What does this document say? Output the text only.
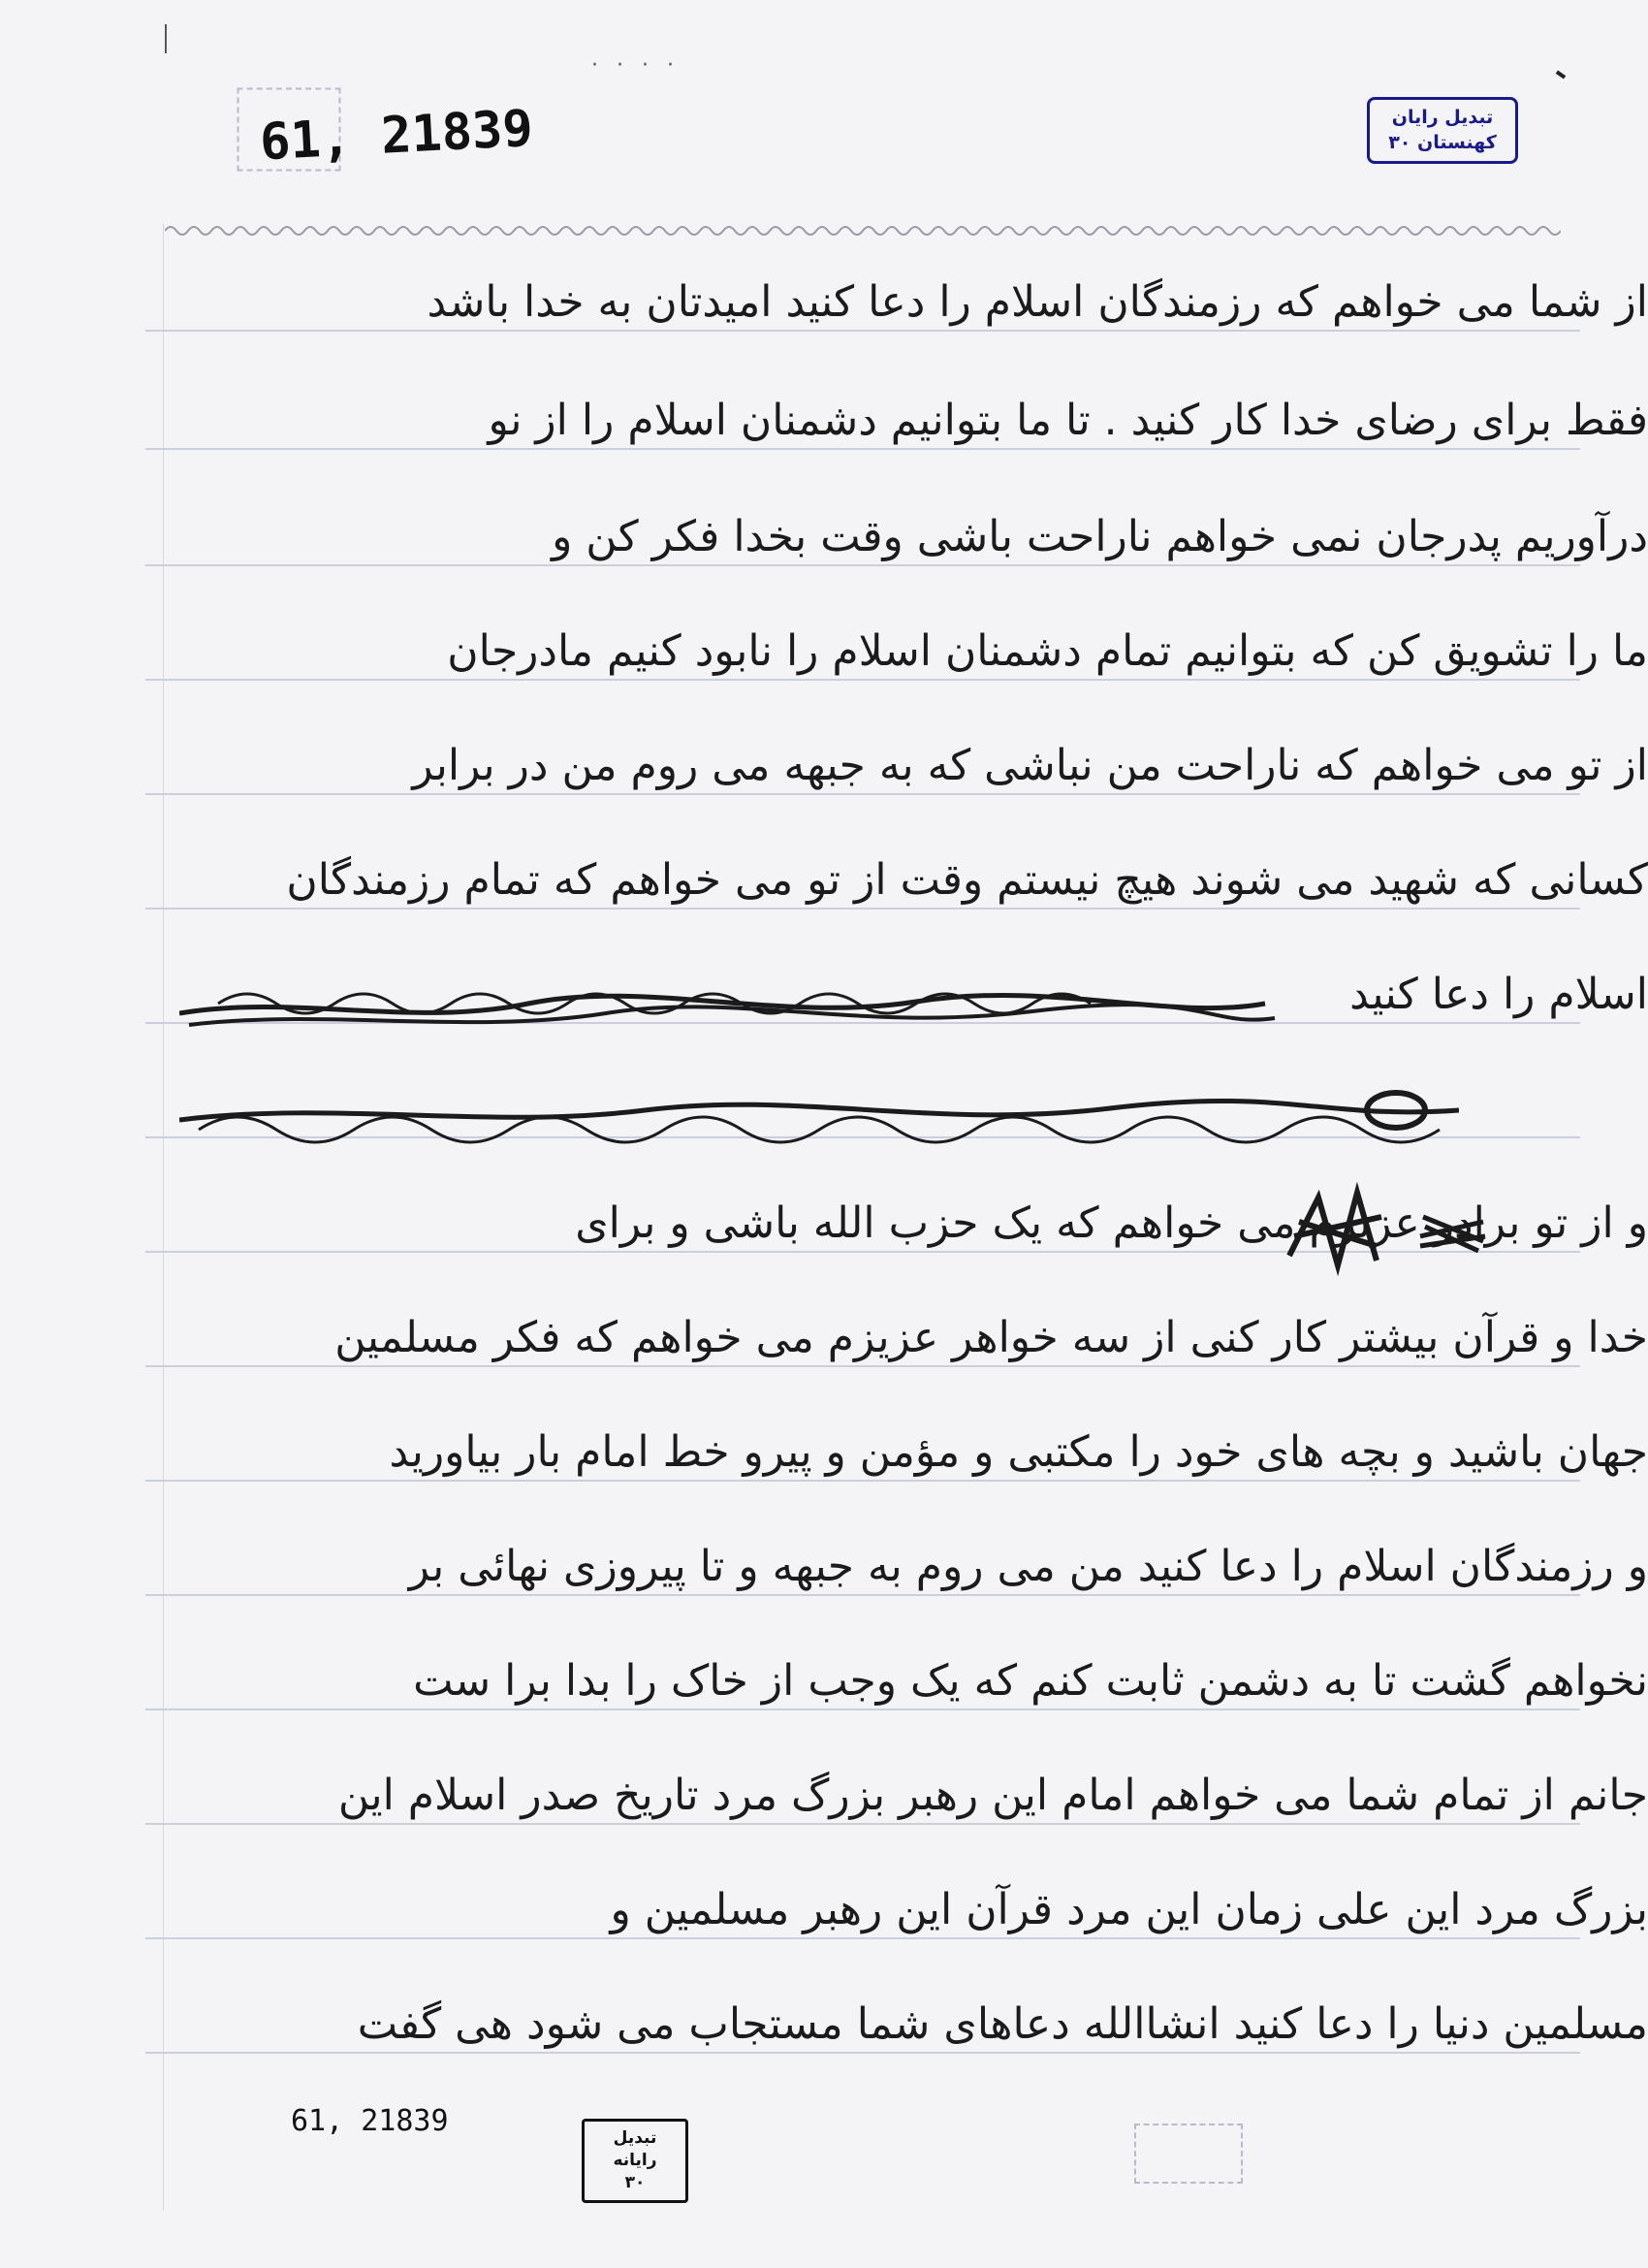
· · · ·
61, 21839	تبدیل رایان
کهنستان ۳۰
از شما می خواهم که رزمندگان اسلام را دعا کنید امیدتان به خدا باشد
فقط برای رضای خدا کار کنید . تا ما بتوانیم دشمنان اسلام را از نو
درآوریم پدرجان نمی خواهم ناراحت باشی وقت بخدا فکر کن و
ما را تشویق کن که بتوانیم تمام دشمنان اسلام را نابود کنیم مادرجان
از تو می خواهم که ناراحت من نباشی که به جبهه می روم من در برابر
کسانی که شهید می شوند هیچ نیستم وقت از تو می خواهم که تمام رزمندگان
اسلام را دعا کنید
و از تو برادر عزیزم می خواهم که یک حزب الله باشی و برای
خدا و قرآن بیشتر کار کنی از سه خواهر عزیزم می خواهم که فکر مسلمین
جهان باشید و بچه های خود را مکتبی و مؤمن و پیرو خط امام بار بیاورید
و رزمندگان اسلام را دعا کنید من می روم به جبهه و تا پیروزی نهائی بر
نخواهم گشت تا به دشمن ثابت کنم که یک وجب از خاک را بدا برا ست
جانم از تمام شما می خواهم امام این رهبر بزرگ مرد تاریخ صدر اسلام این
بزرگ مرد این علی زمان این مرد قرآن این رهبر مسلمین و
مسلمین دنیا را دعا کنید انشاالله دعاهای شما مستجاب می شود هی گفت
61, 21839	تبدیل رایانه
۳۰
